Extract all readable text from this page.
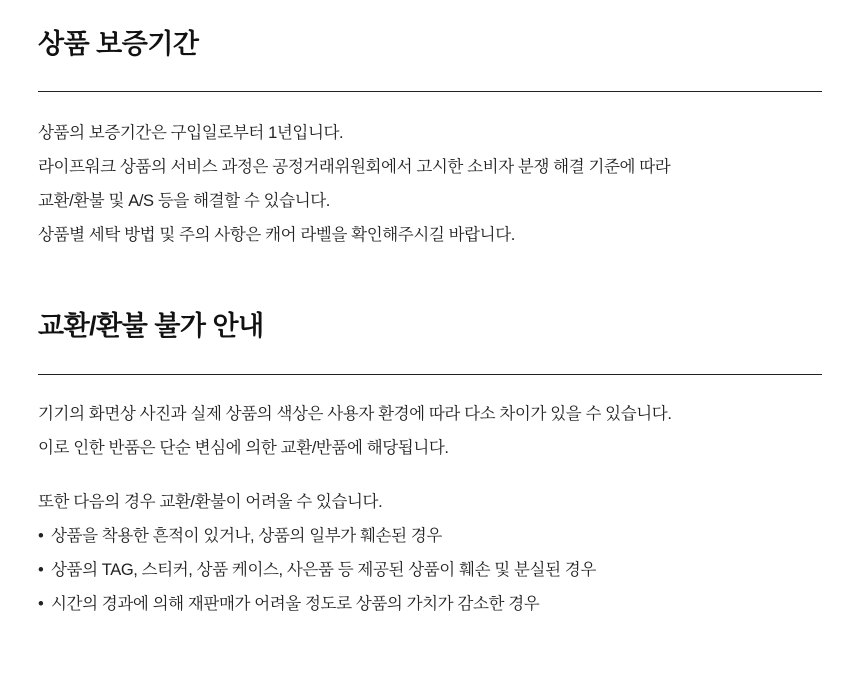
상품 보증기간
상품의 보증기간은 구입일로부터 1년입니다.
라이프워크 상품의 서비스 과정은 공정거래위원회에서 고시한 소비자 분쟁 해결 기준에 따라
교환/환불 및 A/S 등을 해결할 수 있습니다.
상품별 세탁 방법 및 주의 사항은 캐어 라벨을 확인해주시길 바랍니다.
교환/환불 불가 안내
기기의 화면상 사진과 실제 상품의 색상은 사용자 환경에 따라 다소 차이가 있을 수 있습니다.
이로 인한 반품은 단순 변심에 의한 교환/반품에 해당됩니다.
또한 다음의 경우 교환/환불이 어려울 수 있습니다.
• 상품을 착용한 흔적이 있거나, 상품의 일부가 훼손된 경우
• 상품의 TAG, 스티커, 상품 케이스, 사은품 등 제공된 상품이 훼손 및 분실된 경우
• 시간의 경과에 의해 재판매가 어려울 정도로 상품의 가치가 감소한 경우
